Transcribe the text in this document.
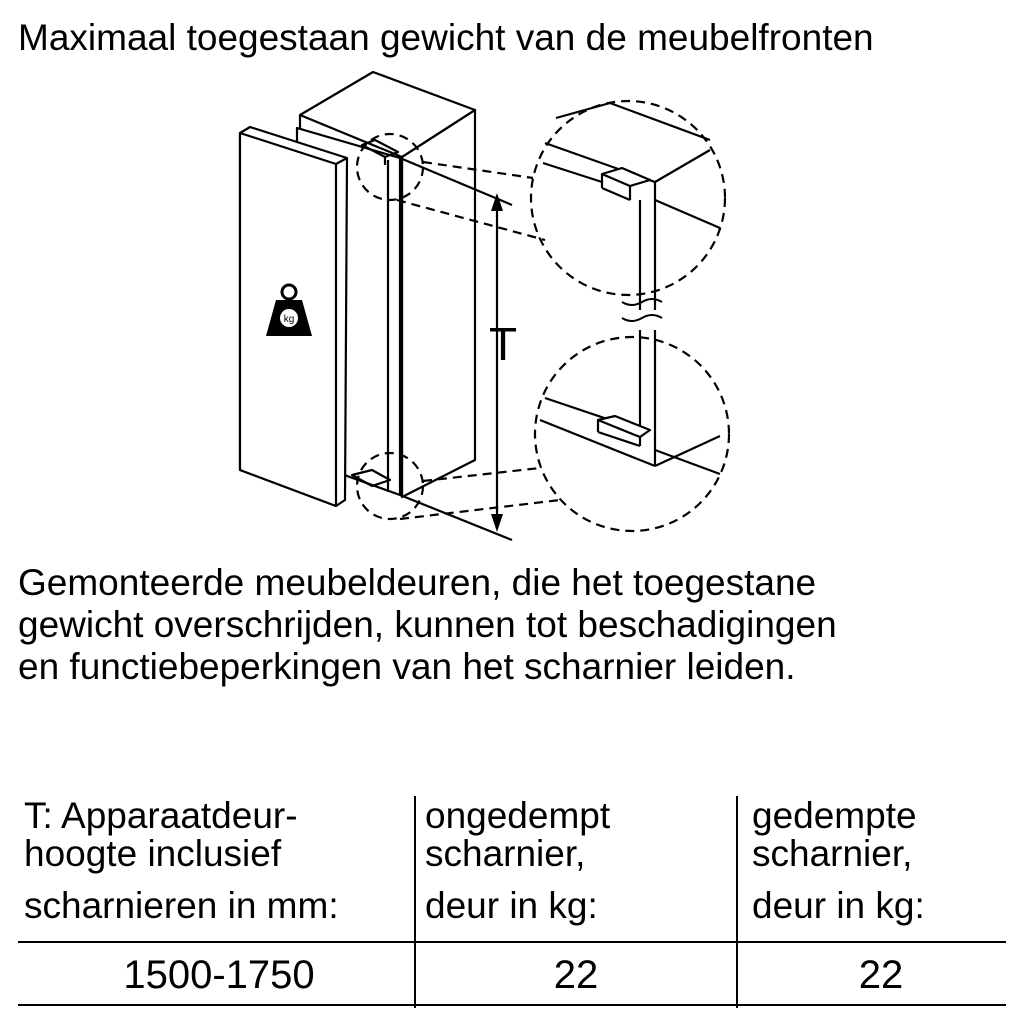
Maximaal toegestaan gewicht van de meubelfronten
T
kg
Gemonteerde meubeldeuren, die het toegestane
gewicht overschrijden, kunnen tot beschadigingen
en functiebeperkingen van het scharnier leiden.
T: Apparaatdeur-
hoogte inclusief
scharnieren in mm:
ongedempt
scharnier,
deur in kg:
gedempte
scharnier,
deur in kg:
1500-1750	22	22
